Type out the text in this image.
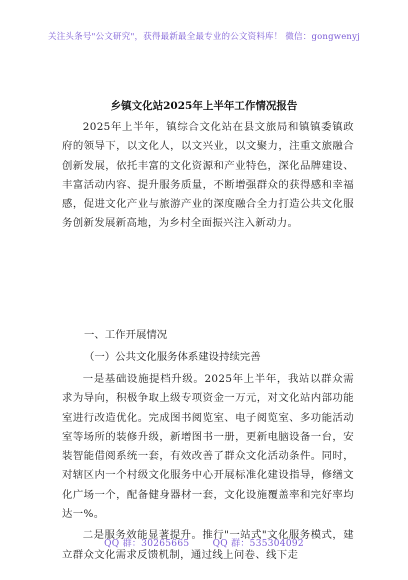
关注头条号"公文研究"，获得最新最全最专业的公文资料库！ 微信：gongwenyj
乡镇文化站2025年上半年工作情况报告

2025年上半年，镇综合文化站在县文旅局和镇镇委镇政府的领导下，以文化人，以文兴业，以文聚力，注重文旅融合创新发展，依托丰富的文化资源和产业特色，深化品牌建设、丰富活动内容、提升服务质量，不断增强群众的获得感和幸福感，促进文化产业与旅游产业的深度融合全力打造公共文化服务创新发展新高地，为乡村全面振兴注入新动力。

一、工作开展情况
（一）公共文化服务体系建设持续完善

一是基础设施提档升级。2025年上半年，我站以群众需求为导向，积极争取上级专项资金一万元，对文化站内部功能室进行改造优化。完成图书阅览室、电子阅览室、多功能活动室等场所的装修升级，新增图书一册，更新电脑设备一台，安装智能借阅系统一套，有效改善了群众文化活动条件。同时，对辖区内一个村级文化服务中心开展标准化建设指导，修缮文化广场一个，配备健身器材一套，文化设施覆盖率和完好率均达一%。

二是服务效能显著提升。推行"一站式"文化服务模式，建立群众文化需求反馈机制，通过线上问卷、线下走

QQ 群：30265665	QQ 群：535304092
